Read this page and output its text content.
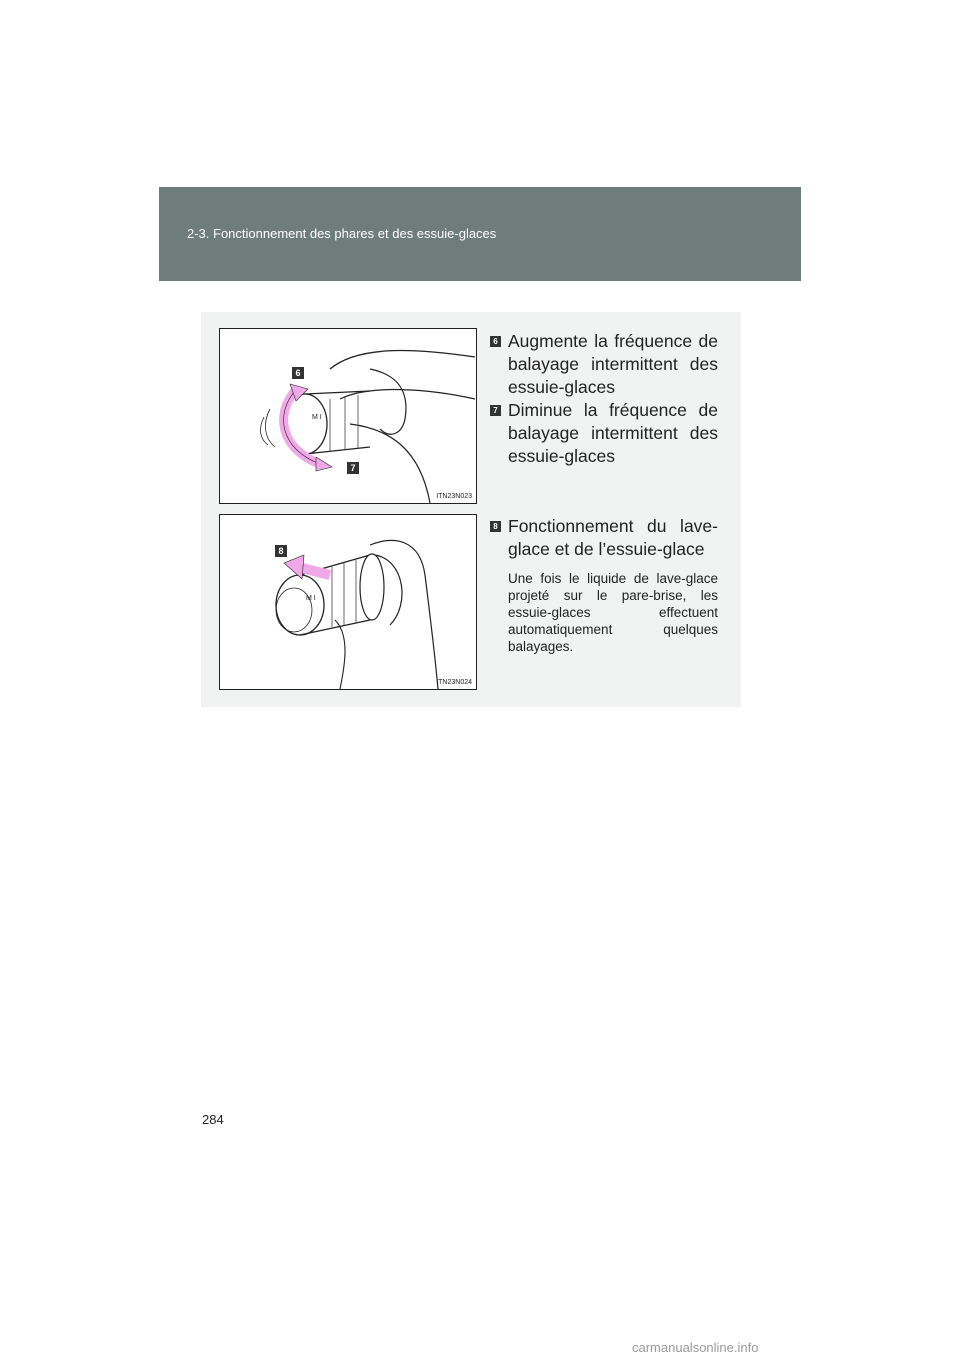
2-3. Fonctionnement des phares et des essuie-glaces
M I
6
7
ITN23N023
M I
8
ITN23N024
6 Augmente la fréquence de balayage intermittent des essuie-glaces
7 Diminue la fréquence de balayage intermittent des essuie-glaces
8 Fonctionnement du lave-glace et de l’essuie-glace
Une fois le liquide de lave-glace projeté sur le pare-brise, les essuie-glaces effectuent automatiquement quelques balayages.
284
carmanualsonline.info
